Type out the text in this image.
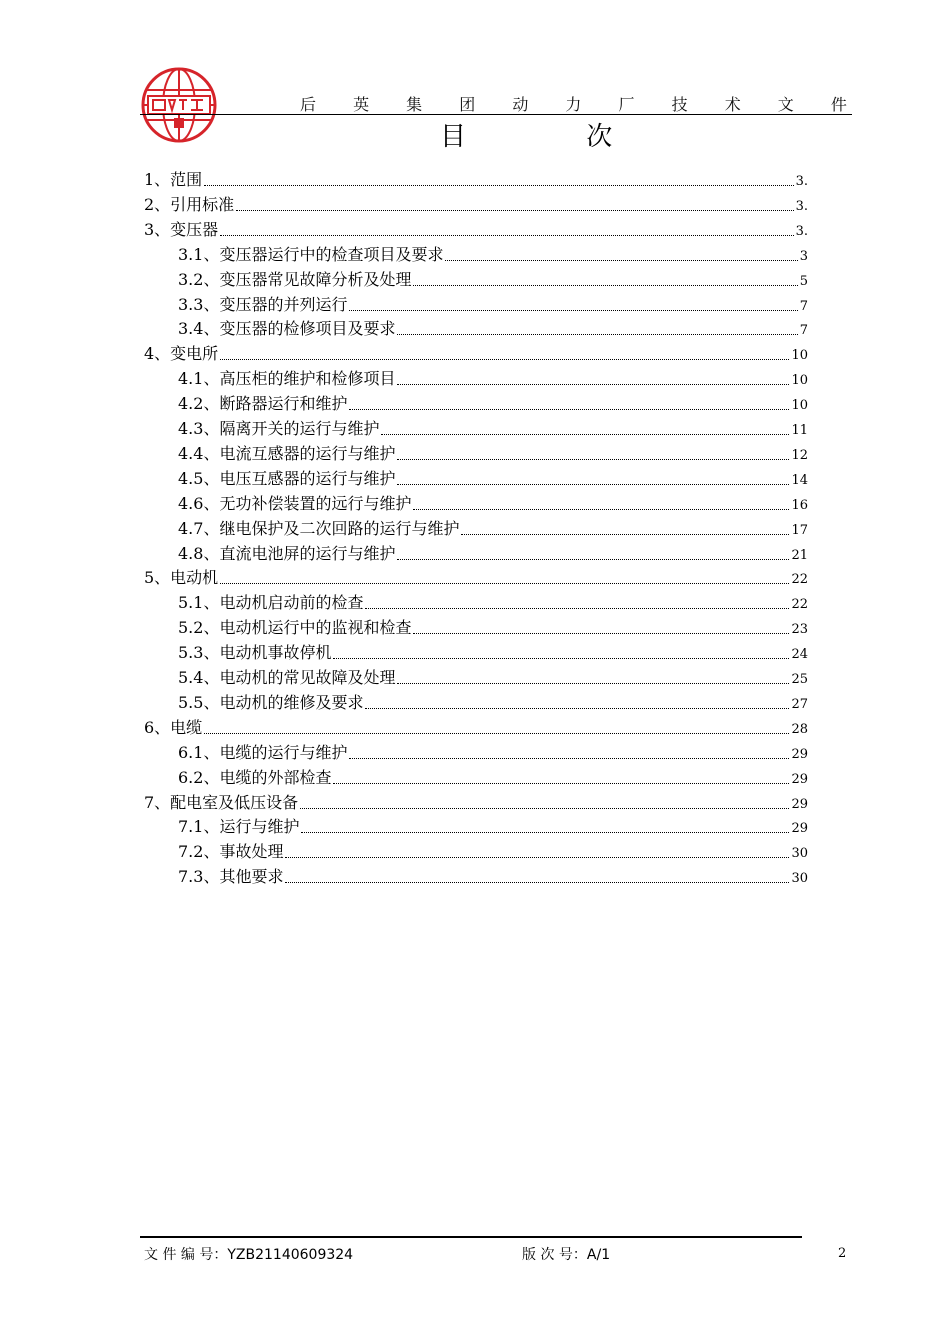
后 英 集 团 动 力 厂 技 术 文 件
目 次
1、范围	3.
2、引用标准	3.
3、变压器	3.
3.1、变压器运行中的检查项目及要求	3
3.2、变压器常见故障分析及处理	5
3.3、变压器的并列运行	7
3.4、变压器的检修项目及要求	7
4、变电所	10
4.1、高压柜的维护和检修项目	10
4.2、断路器运行和维护	10
4.3、隔离开关的运行与维护	11
4.4、电流互感器的运行与维护	12
4.5、电压互感器的运行与维护	14
4.6、无功补偿装置的远行与维护	16
4.7、继电保护及二次回路的运行与维护	17
4.8、直流电池屏的运行与维护	21
5、电动机	22
5.1、电动机启动前的检查	22
5.2、电动机运行中的监视和检查	23
5.3、电动机事故停机	24
5.4、电动机的常见故障及处理	25
5.5、电动机的维修及要求	27
6、电缆	28
6.1、电缆的运行与维护	29
6.2、电缆的外部检查	29
7、配电室及低压设备	29
7.1、运行与维护	29
7.2、事故处理	30
7.3、其他要求	30
文 件 编 号：YZB21140609324	版 次 号：A/1	2
